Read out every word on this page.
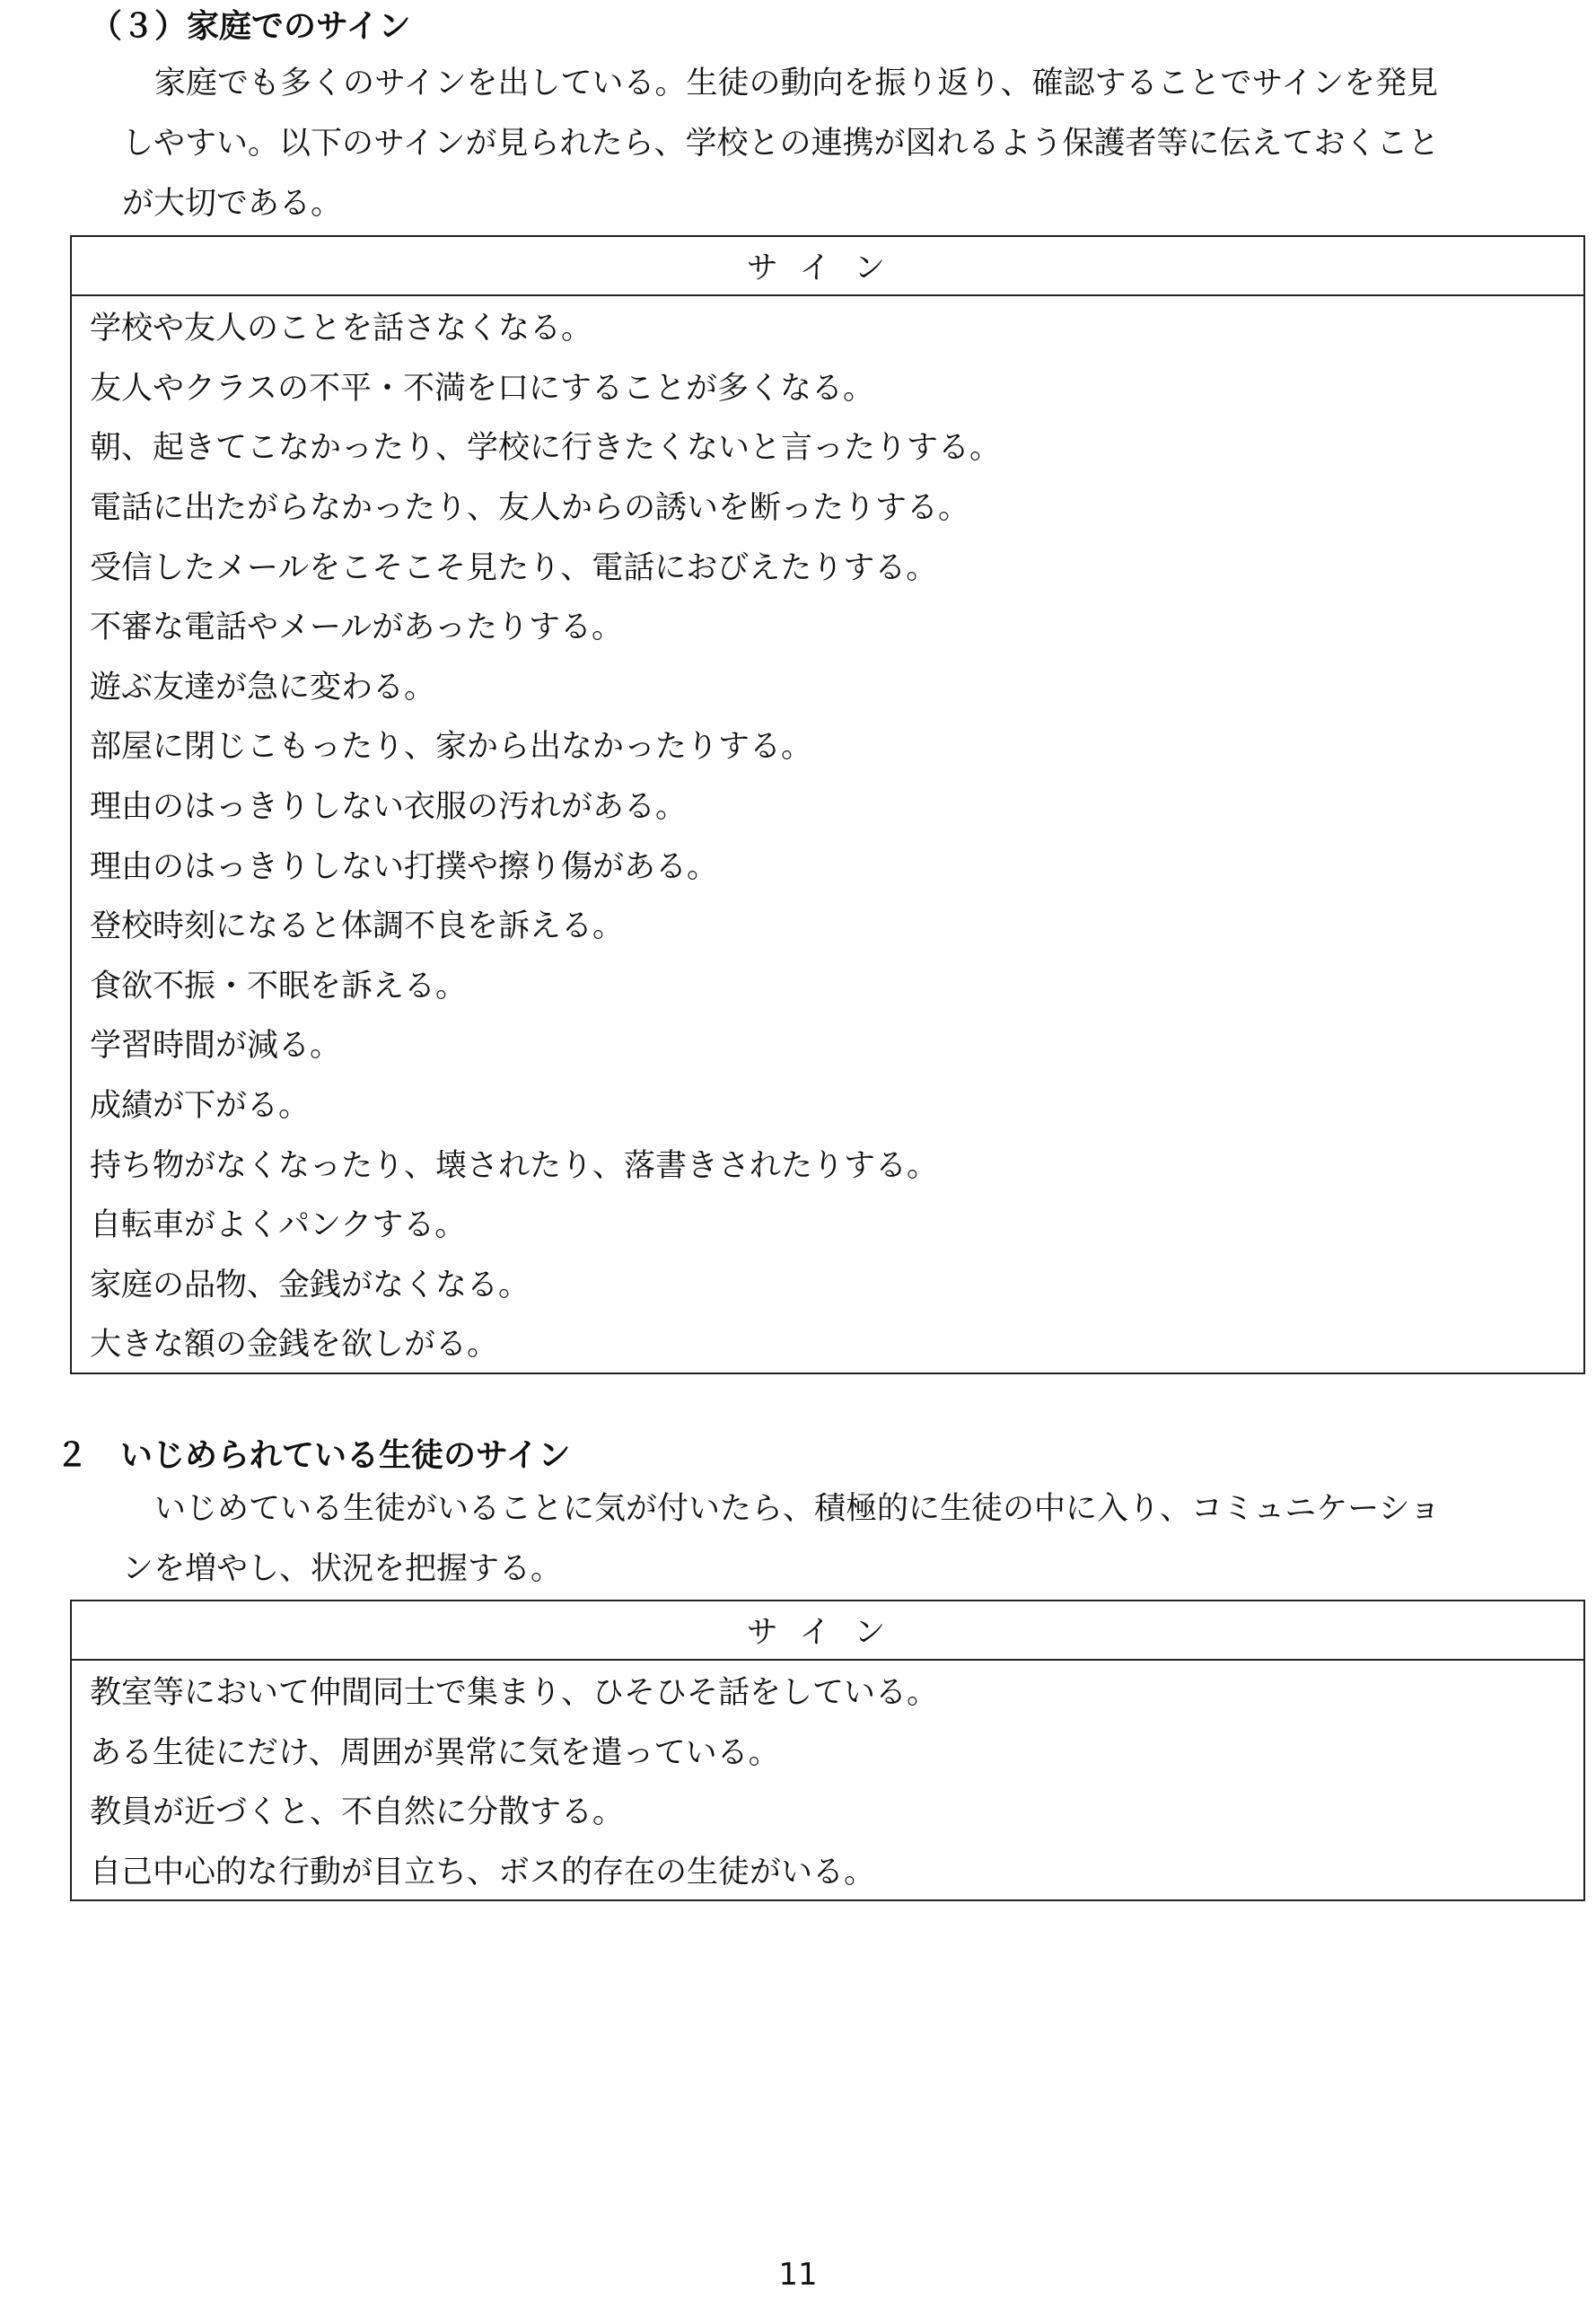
（３）家庭でのサイン

家庭でも多くのサインを出している。生徒の動向を振り返り、確認することでサインを発見

しやすい。以下のサインが見られたら、学校との連携が図れるよう保護者等に伝えておくこと

が大切である。

サイン
学校や友人のことを話さなくなる。
友人やクラスの不平・不満を口にすることが多くなる。
朝、起きてこなかったり、学校に行きたくないと言ったりする。
電話に出たがらなかったり、友人からの誘いを断ったりする。
受信したメールをこそこそ見たり、電話におびえたりする。
不審な電話やメールがあったりする。
遊ぶ友達が急に変わる。
部屋に閉じこもったり、家から出なかったりする。
理由のはっきりしない衣服の汚れがある。
理由のはっきりしない打撲や擦り傷がある。
登校時刻になると体調不良を訴える。
食欲不振・不眠を訴える。
学習時間が減る。
成績が下がる。
持ち物がなくなったり、壊されたり、落書きされたりする。
自転車がよくパンクする。
家庭の品物、金銭がなくなる。
大きな額の金銭を欲しがる。
２　いじめられている生徒のサイン

いじめている生徒がいることに気が付いたら、積極的に生徒の中に入り、コミュニケーショ

ンを増やし、状況を把握する。

サイン
教室等において仲間同士で集まり、ひそひそ話をしている。
ある生徒にだけ、周囲が異常に気を遣っている。
教員が近づくと、不自然に分散する。
自己中心的な行動が目立ち、ボス的存在の生徒がいる。
11
